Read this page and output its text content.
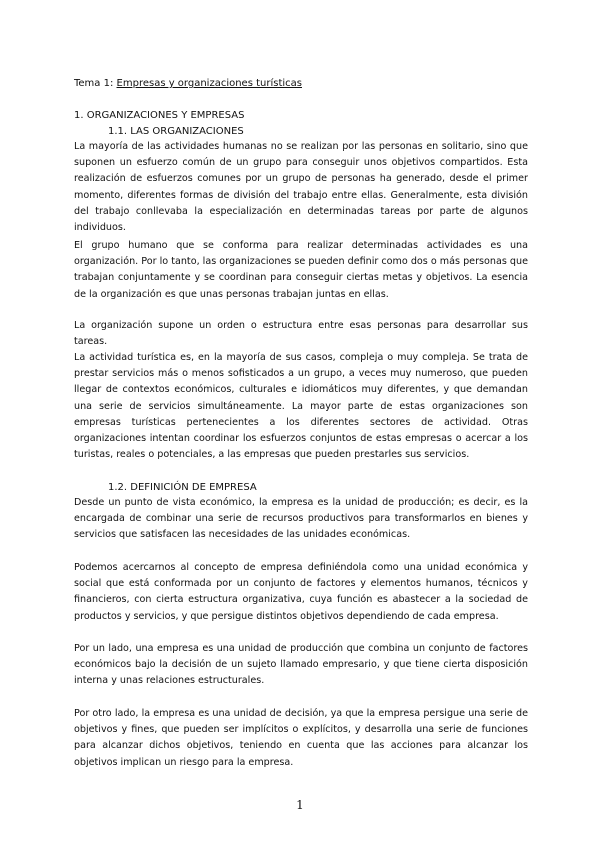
Tema 1: Empresas y organizaciones turísticas
1. ORGANIZACIONES Y EMPRESAS
1.1. LAS ORGANIZACIONES

La mayoría de las actividades humanas no se realizan por las personas en solitario, sino que suponen un esfuerzo común de un grupo para conseguir unos objetivos compartidos. Esta realización de esfuerzos comunes por un grupo de personas ha generado, desde el primer momento, diferentes formas de división del trabajo entre ellas. Generalmente, esta división del trabajo conllevaba la especialización en determinadas tareas por parte de algunos individuos.

El grupo humano que se conforma para realizar determinadas actividades es una organización. Por lo tanto, las organizaciones se pueden definir como dos o más personas que trabajan conjuntamente y se coordinan para conseguir ciertas metas y objetivos. La esencia de la organización es que unas personas trabajan juntas en ellas.

La organización supone un orden o estructura entre esas personas para desarrollar sus tareas.

La actividad turística es, en la mayoría de sus casos, compleja o muy compleja. Se trata de prestar servicios más o menos sofisticados a un grupo, a veces muy numeroso, que pueden llegar de contextos económicos, culturales e idiomáticos muy diferentes, y que demandan una serie de servicios simultáneamente. La mayor parte de estas organizaciones son empresas turísticas pertenecientes a los diferentes sectores de actividad. Otras organizaciones intentan coordinar los esfuerzos conjuntos de estas empresas o acercar a los turistas, reales o potenciales, a las empresas que pueden prestarles sus servicios.

1.2. DEFINICIÓN DE EMPRESA

Desde un punto de vista económico, la empresa es la unidad de producción; es decir, es la encargada de combinar una serie de recursos productivos para transformarlos en bienes y servicios que satisfacen las necesidades de las unidades económicas.

Podemos acercarnos al concepto de empresa definiéndola como una unidad económica y social que está conformada por un conjunto de factores y elementos humanos, técnicos y financieros, con cierta estructura organizativa, cuya función es abastecer a la sociedad de productos y servicios, y que persigue distintos objetivos dependiendo de cada empresa.

Por un lado, una empresa es una unidad de producción que combina un conjunto de factores económicos bajo la decisión de un sujeto llamado empresario, y que tiene cierta disposición interna y unas relaciones estructurales.

Por otro lado, la empresa es una unidad de decisión, ya que la empresa persigue una serie de objetivos y fines, que pueden ser implícitos o explícitos, y desarrolla una serie de funciones para alcanzar dichos objetivos, teniendo en cuenta que las acciones para alcanzar los objetivos implican un riesgo para la empresa.

1
